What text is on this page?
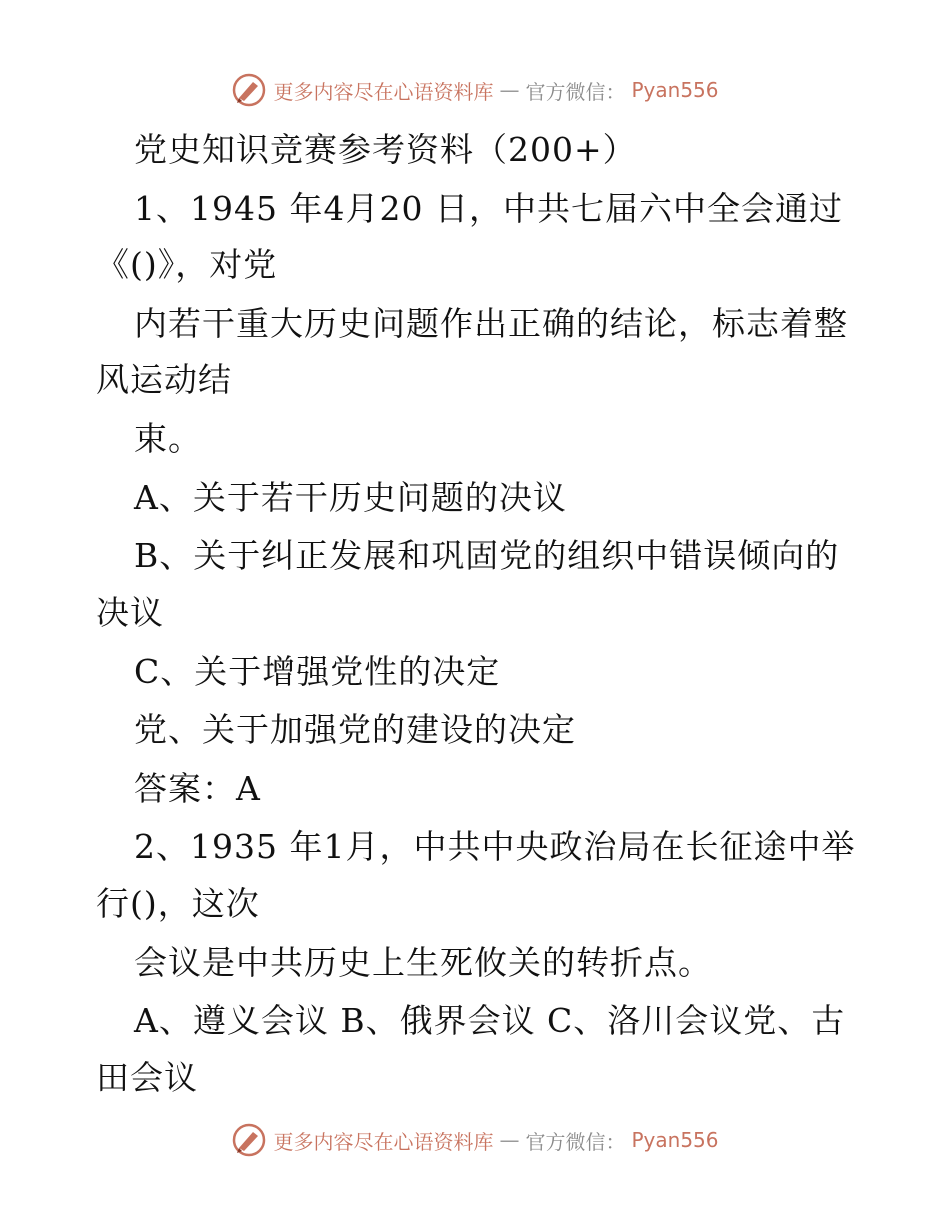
更多内容尽在心语资料库 — 官方微信： Pyan556
党史知识竞赛参考资料（200+）
1、1945 年4月20 日，中共七届六中全会通过
《()》，对党
内若干重大历史问题作出正确的结论，标志着整
风运动结
束。
A、关于若干历史问题的决议
B、关于纠正发展和巩固党的组织中错误倾向的
决议
C、关于增强党性的决定
党、关于加强党的建设的决定
答案：A
2、1935 年1月，中共中央政治局在长征途中举
行()，这次
会议是中共历史上生死攸关的转折点。
A、遵义会议 B、俄界会议 C、洛川会议党、古
田会议
更多内容尽在心语资料库 — 官方微信： Pyan556
